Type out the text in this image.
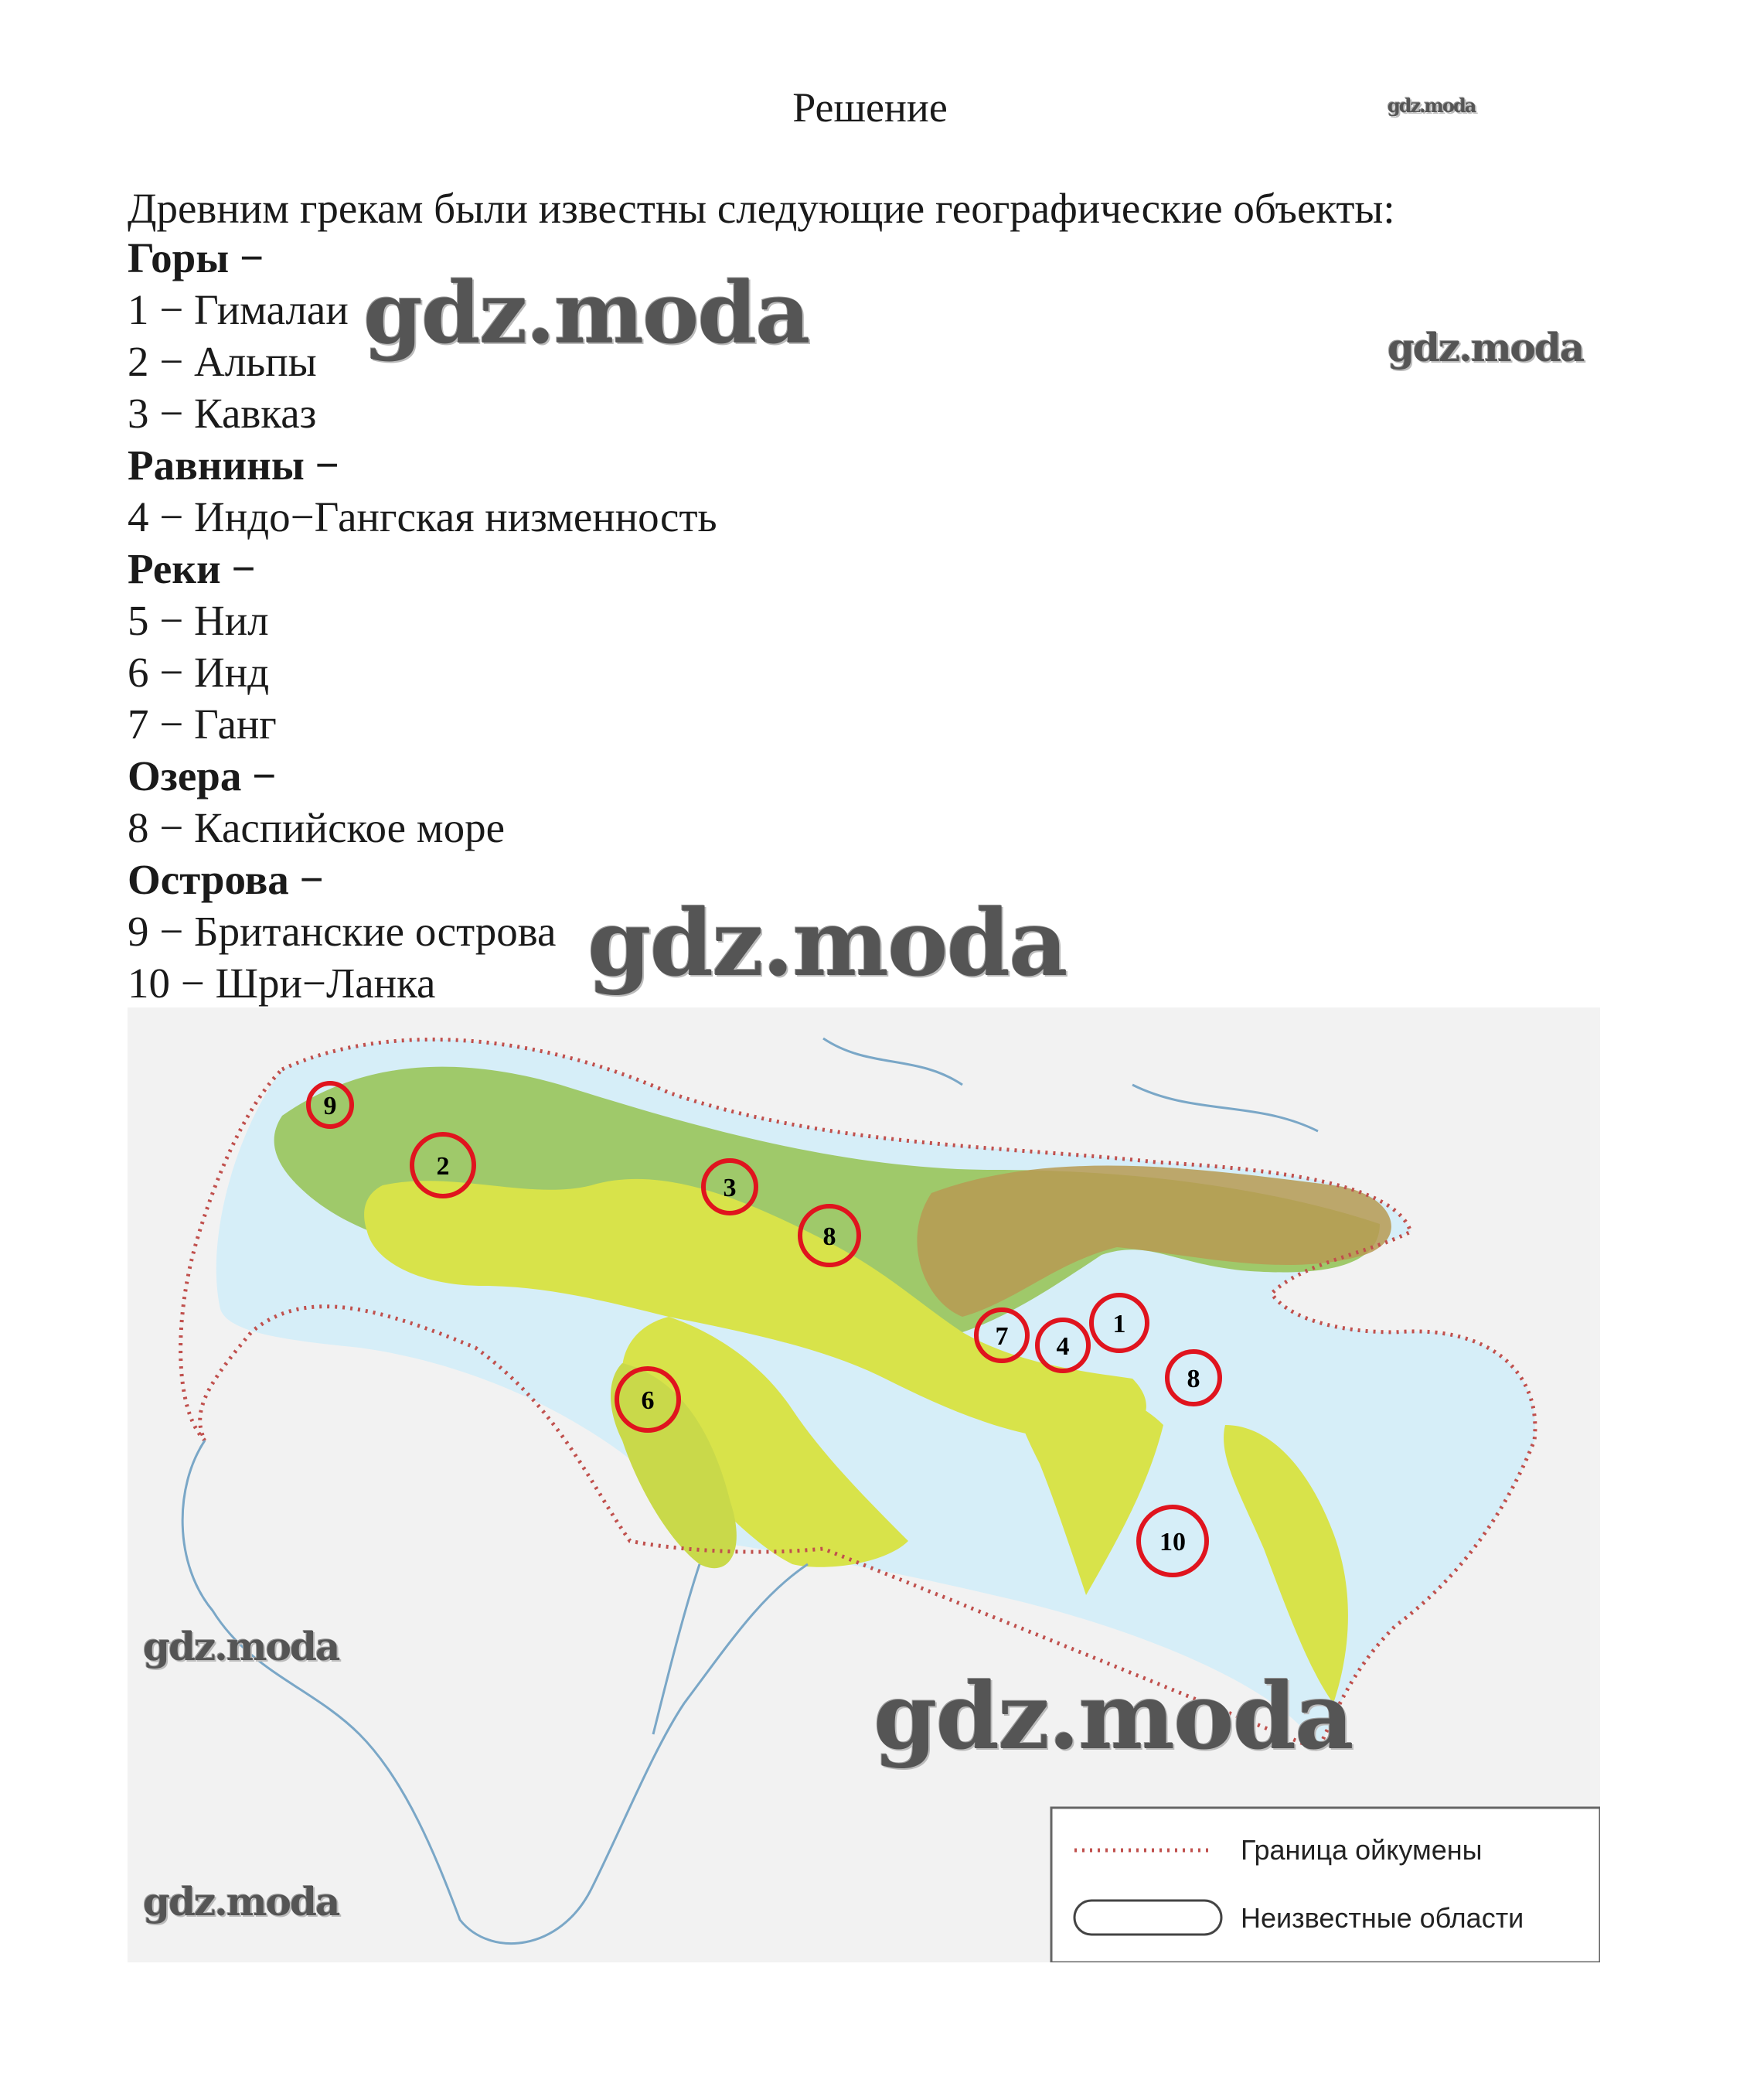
Решение	gdz.moda
Древним грекам были известны следующие географические объекты:
Горы −
1 − Гималаи
2 − Альпы
3 − Кавказ
Равнины −
4 − Индо−Гангская низменность
Реки −
5 − Нил
6 − Инд
7 − Ганг
Озера −
8 − Каспийское море
Острова −
9 − Британские острова
10 − Шри−Ланка
gdz.moda	gdz.moda
gdz.moda
9
2
3
8
7 4
1
8
6
10
Граница ойкумены
Неизвестные области
gdz.moda
gdz.moda
gdz.moda
